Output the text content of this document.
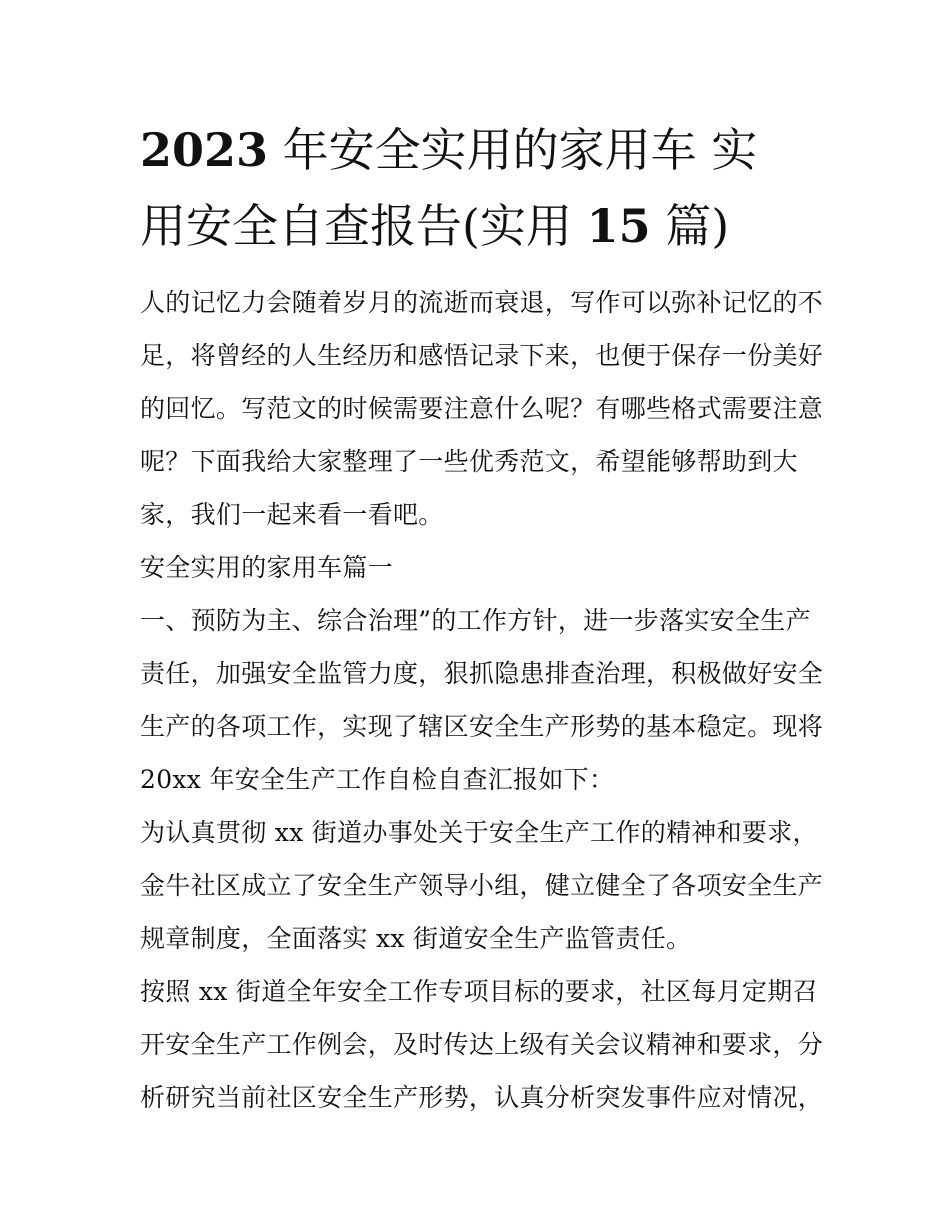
2023 年安全实用的家用车 实
用安全自查报告(实用 15 篇)
人的记忆力会随着岁月的流逝而衰退，写作可以弥补记忆的不
足，将曾经的人生经历和感悟记录下来，也便于保存一份美好
的回忆。写范文的时候需要注意什么呢？有哪些格式需要注意
呢？下面我给大家整理了一些优秀范文，希望能够帮助到大
家，我们一起来看一看吧。
安全实用的家用车篇一
一、预防为主、综合治理”的工作方针，进一步落实安全生产
责任，加强安全监管力度，狠抓隐患排查治理，积极做好安全
生产的各项工作，实现了辖区安全生产形势的基本稳定。现将
20xx 年安全生产工作自检自查汇报如下：
为认真贯彻 xx 街道办事处关于安全生产工作的精神和要求，
金牛社区成立了安全生产领导小组，健立健全了各项安全生产
规章制度，全面落实 xx 街道安全生产监管责任。
按照 xx 街道全年安全工作专项目标的要求，社区每月定期召
开安全生产工作例会，及时传达上级有关会议精神和要求，分
析研究当前社区安全生产形势，认真分析突发事件应对情况，
